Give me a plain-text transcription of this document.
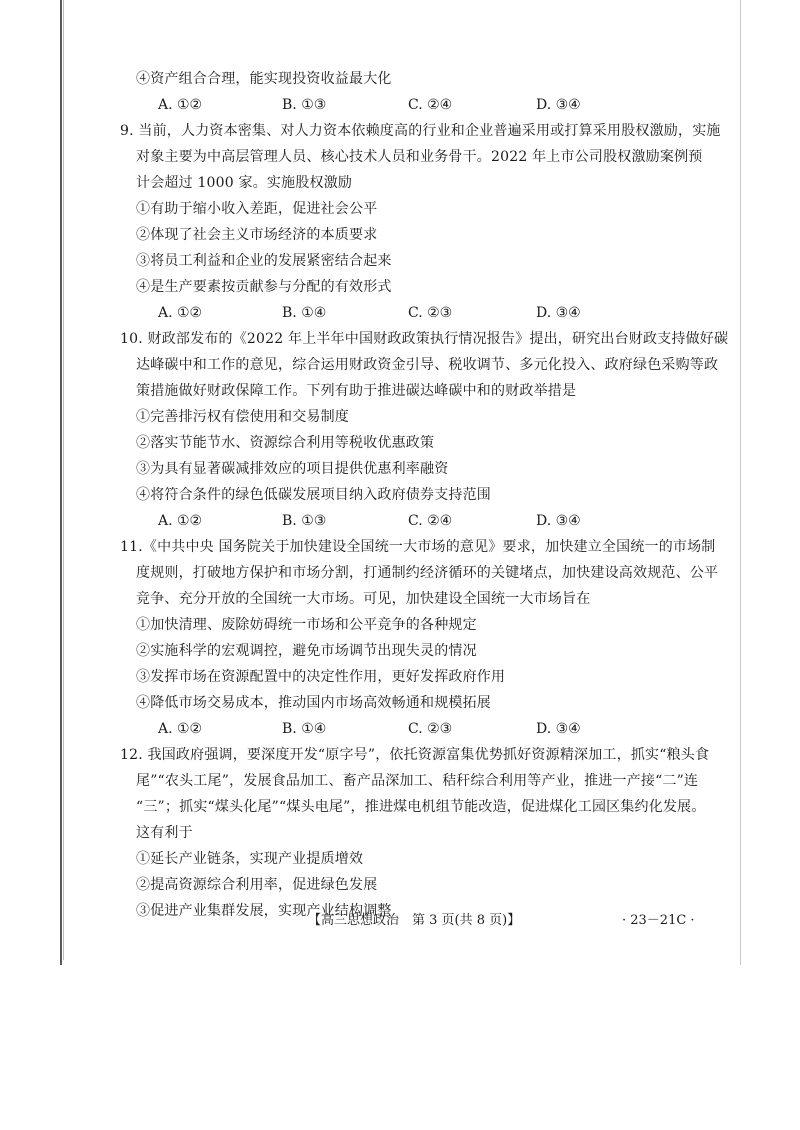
④资产组合合理，能实现投资收益最大化
A. ①②	B. ①③	C. ②④	D. ③④
9. 当前，人力资本密集、对人力资本依赖度高的行业和企业普遍采用或打算采用股权激励，实施
对象主要为中高层管理人员、核心技术人员和业务骨干。2022 年上市公司股权激励案例预
计会超过 1000 家。实施股权激励
①有助于缩小收入差距，促进社会公平
②体现了社会主义市场经济的本质要求
③将员工利益和企业的发展紧密结合起来
④是生产要素按贡献参与分配的有效形式
A. ①②	B. ①④	C. ②③	D. ③④
10. 财政部发布的《2022 年上半年中国财政政策执行情况报告》提出，研究出台财政支持做好碳
达峰碳中和工作的意见，综合运用财政资金引导、税收调节、多元化投入、政府绿色采购等政
策措施做好财政保障工作。下列有助于推进碳达峰碳中和的财政举措是
①完善排污权有偿使用和交易制度
②落实节能节水、资源综合利用等税收优惠政策
③为具有显著碳减排效应的项目提供优惠利率融资
④将符合条件的绿色低碳发展项目纳入政府债券支持范围
A. ①②	B. ①③	C. ②④	D. ③④
11.《中共中央 国务院关于加快建设全国统一大市场的意见》要求，加快建立全国统一的市场制
度规则，打破地方保护和市场分割，打通制约经济循环的关键堵点，加快建设高效规范、公平
竞争、充分开放的全国统一大市场。可见，加快建设全国统一大市场旨在
①加快清理、废除妨碍统一市场和公平竞争的各种规定
②实施科学的宏观调控，避免市场调节出现失灵的情况
③发挥市场在资源配置中的决定性作用，更好发挥政府作用
④降低市场交易成本，推动国内市场高效畅通和规模拓展
A. ①②	B. ①④	C. ②③	D. ③④
12. 我国政府强调，要深度开发“原字号”，依托资源富集优势抓好资源精深加工，抓实“粮头食
尾”“农头工尾”，发展食品加工、畜产品深加工、秸秆综合利用等产业，推进一产接“二”连
“三”；抓实“煤头化尾”“煤头电尾”，推进煤电机组节能改造，促进煤化工园区集约化发展。
这有利于
①延长产业链条，实现产业提质增效
②提高资源综合利用率，促进绿色发展
③促进产业集群发展，实现产业结构调整
【高三思想政治　第 3 页(共 8 页)】	· 23－21C ·
